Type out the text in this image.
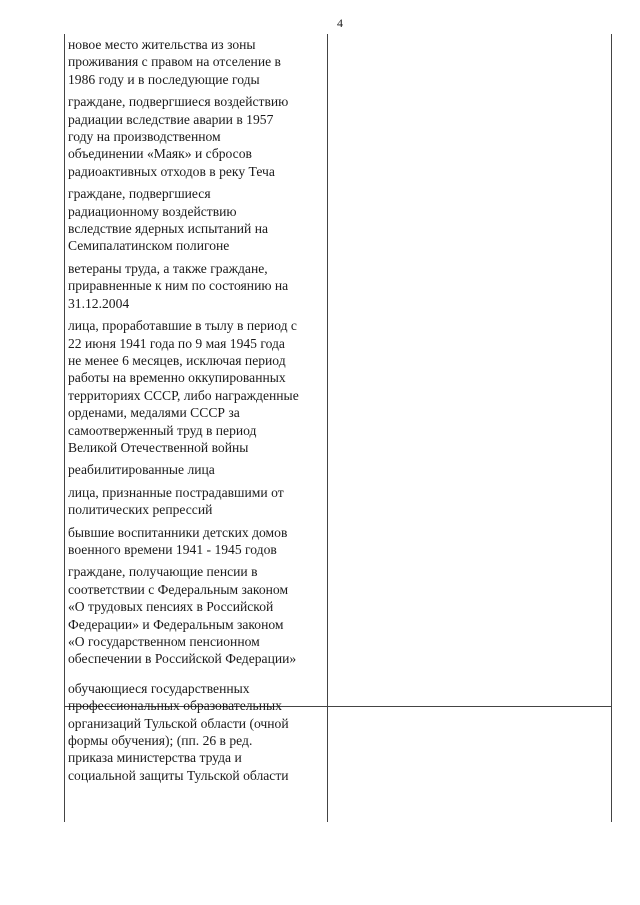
4
новое место жительства из зоны
проживания с правом на отселение в
1986 году и в последующие годы
граждане, подвергшиеся воздействию
радиации вследствие аварии в 1957
году на производственном
объединении «Маяк» и сбросов
радиоактивных отходов в реку Теча
граждане, подвергшиеся
радиационному воздействию
вследствие ядерных испытаний на
Семипалатинском полигоне
ветераны труда, а также граждане,
приравненные к ним по состоянию на
31.12.2004
лица, проработавшие в тылу в период с
22 июня 1941 года по 9 мая 1945 года
не менее 6 месяцев, исключая период
работы на временно оккупированных
территориях СССР, либо награжденные
орденами, медалями СССР за
самоотверженный труд в период
Великой Отечественной войны
реабилитированные лица
лица, признанные пострадавшими от
политических репрессий
бывшие воспитанники детских домов
военного времени 1941 - 1945 годов
граждане, получающие пенсии в
соответствии с Федеральным законом
«О трудовых пенсиях в Российской
Федерации» и Федеральным законом
«О государственном пенсионном
обеспечении в Российской Федерации»
обучающиеся государственных
профессиональных образовательных
организаций Тульской области (очной
формы обучения); (пп. 26 в ред.
приказа министерства труда и
социальной защиты Тульской области
